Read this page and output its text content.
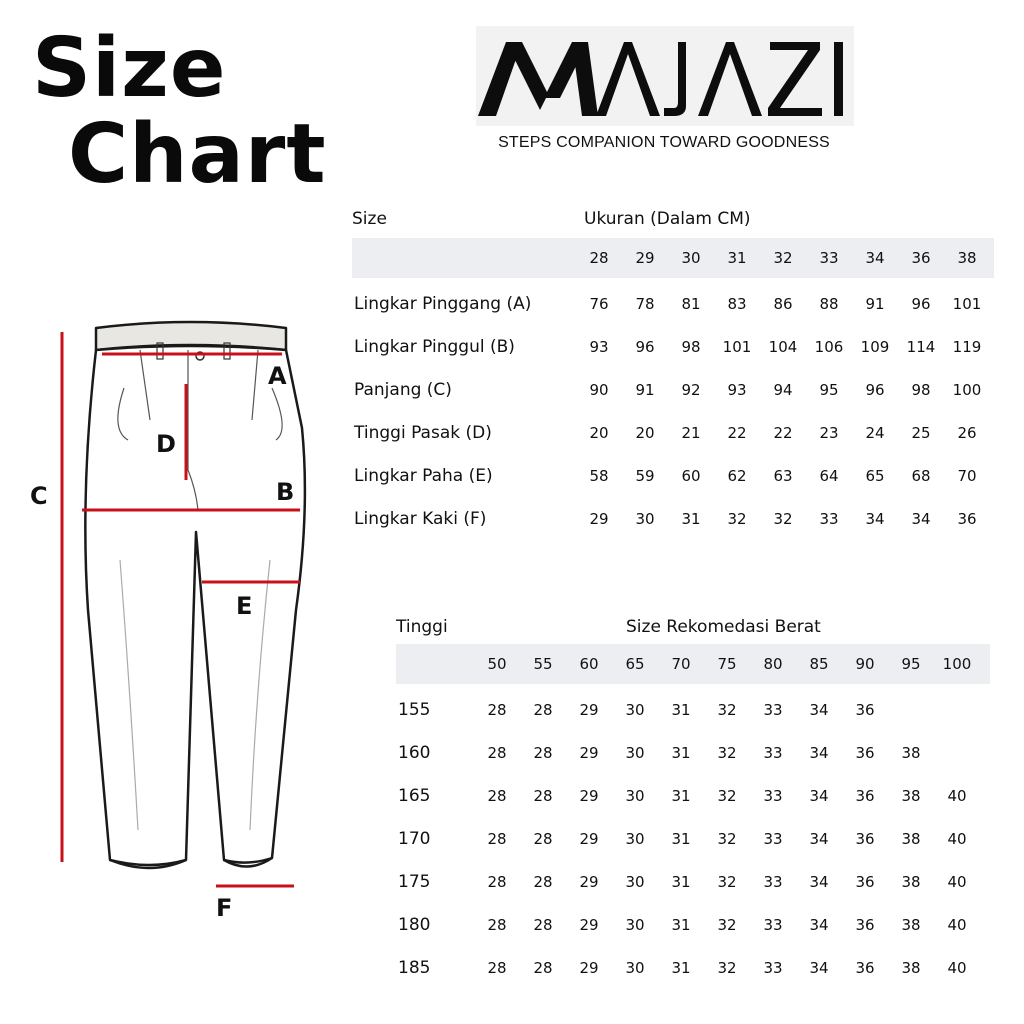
Size
Chart	STEPS COMPANION TOWARD GOODNESS
A
D
C	B
E
F
Size	Ukuran (Dalam CM)
28	29	30	31	32	33	34	36	38
Lingkar Pinggang (A)	76	78	81	83	86	88	91	96	101
Lingkar Pinggul (B)	93	96	98	101	104	106	109	114	119
Panjang (C)	90	91	92	93	94	95	96	98	100
Tinggi Pasak (D)	20	20	21	22	22	23	24	25	26
Lingkar Paha (E)	58	59	60	62	63	64	65	68	70
Lingkar Kaki (F)	29	30	31	32	32	33	34	34	36
Tinggi	Size Rekomedasi Berat
50	55	60	65	70	75	80	85	90	95	100
155	28	28	29	30	31	32	33	34	36
160	28	28	29	30	31	32	33	34	36	38
165	28	28	29	30	31	32	33	34	36	38	40
170	28	28	29	30	31	32	33	34	36	38	40
175	28	28	29	30	31	32	33	34	36	38	40
180	28	28	29	30	31	32	33	34	36	38	40
185	28	28	29	30	31	32	33	34	36	38	40
